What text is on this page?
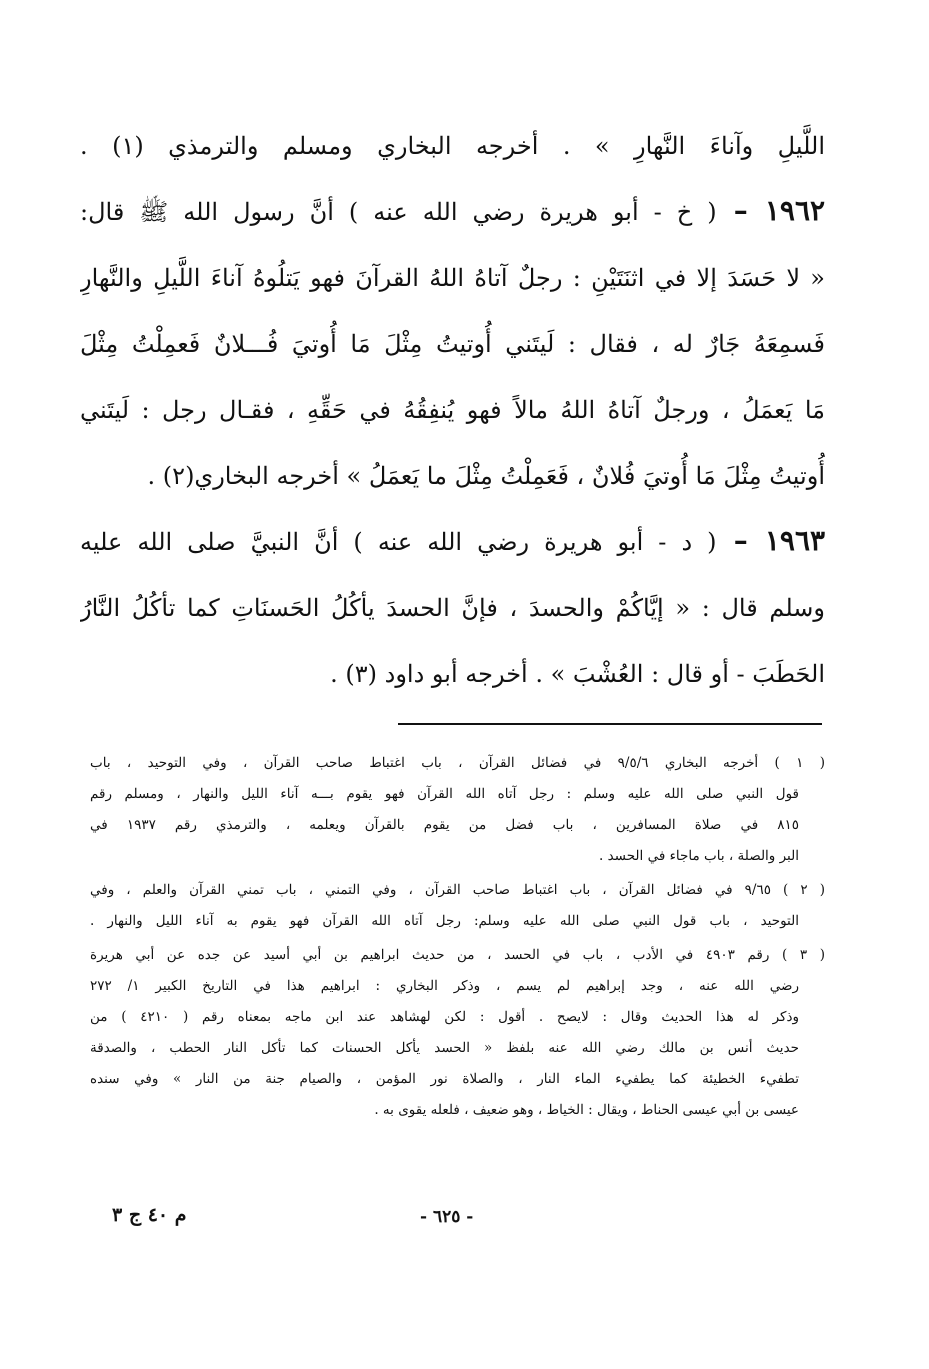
اللَّيلِ وآناءَ النَّهارِ » . أخرجه البخاري ومسلم والترمذي (١) .
١٩٦٢ – ( خ - أبو هريرة رضي الله عنه ) أنَّ رسول الله ﷺ قال:
« لا حَسَدَ إلا في اثنَتَيْنِ : رجلٌ آتاهُ اللهُ القرآنَ فهو يَتلُوهُ آناءَ اللَّيلِ والنَّهارِ
فَسمِعَهُ جَارٌ له ، فقال : لَيتَني أُوتيتُ مِثْلَ مَا أُوتيَ فُـــلانٌ فَعمِلْتُ مِثْلَ
مَا يَعمَلُ ، ورجلٌ آتاهُ اللهُ مالاً فهو يُنفِقُهُ في حَقِّهِ ، فقـال رجل : لَيتَني
أُوتيتُ مِثْلَ مَا أُوتيَ فُلانٌ ، فَعَمِلْتُ مِثْلَ ما يَعمَلُ » أخرجه البخاري(٢) .
١٩٦٣ – ( د - أبو هريرة رضي الله عنه ) أنَّ النبيَّ صلى الله عليه
وسلم قال : « إيَّاكُمْ والحسدَ ، فإنَّ الحسدَ يأكُلُ الحَسنَاتِ كما تأكُلُ النَّارُ
الحَطَبَ - أو قال : العُشْبَ » . أخرجه أبو داود (٣) .
( ١ ) أخرجه البخاري ٩/٥/٦ في فضائل القرآن ، باب اغتباط صاحب القرآن ، وفي التوحيد ، باب
قول النبي صلى الله عليه وسلم : رجل آتاه الله القرآن فهو يقوم بـــه آناء الليل والنهار ، ومسلم رقم
٨١٥ في صلاة المسافرين ، باب فضل من يقوم بالقرآن ويعلمه ، والترمذي رقم ١٩٣٧ في
البر والصلة ، باب ماجاء في الحسد .
( ٢ ) ٩/٦٥ في فضائل القرآن ، باب اغتباط صاحب القرآن ، وفي التمني ، باب تمني القرآن والعلم ، وفي
التوحيد ، باب قول النبي صلى الله عليه وسلم: رجل آتاه الله القرآن فهو يقوم به آناء الليل والنهار .
( ٣ ) رقم ٤٩٠٣ في الأدب ، باب في الحسد ، من حديث ابراهيم بن أبي أسيد عن جده عن أبي هريرة
رضي الله عنه ، وجد إبراهيم لم يسم ، وذكر البخاري : ابراهيم هذا في التاريخ الكبير ١/ ٢٧٢
وذكر له هذا الحديث وقال : لايصح . أقول : لكن لهشاهد عند ابن ماجه بمعناه رقم ( ٤٢١٠ ) من
حديث أنس بن مالك رضي الله عنه بلفظ « الحسد يأكل الحسنات كما تأكل النار الحطب ، والصدقة
تطفيء الخطيئة كما يطفيء الماء النار ، والصلاة نور المؤمن ، والصيام جنة من النار » وفي سنده
عيسى بن أبي عيسى الحناط ، ويقال : الخياط ، وهو ضعيف ، فلعله يقوى به .
- ٦٢٥ -
م ٤٠ ج ٣
